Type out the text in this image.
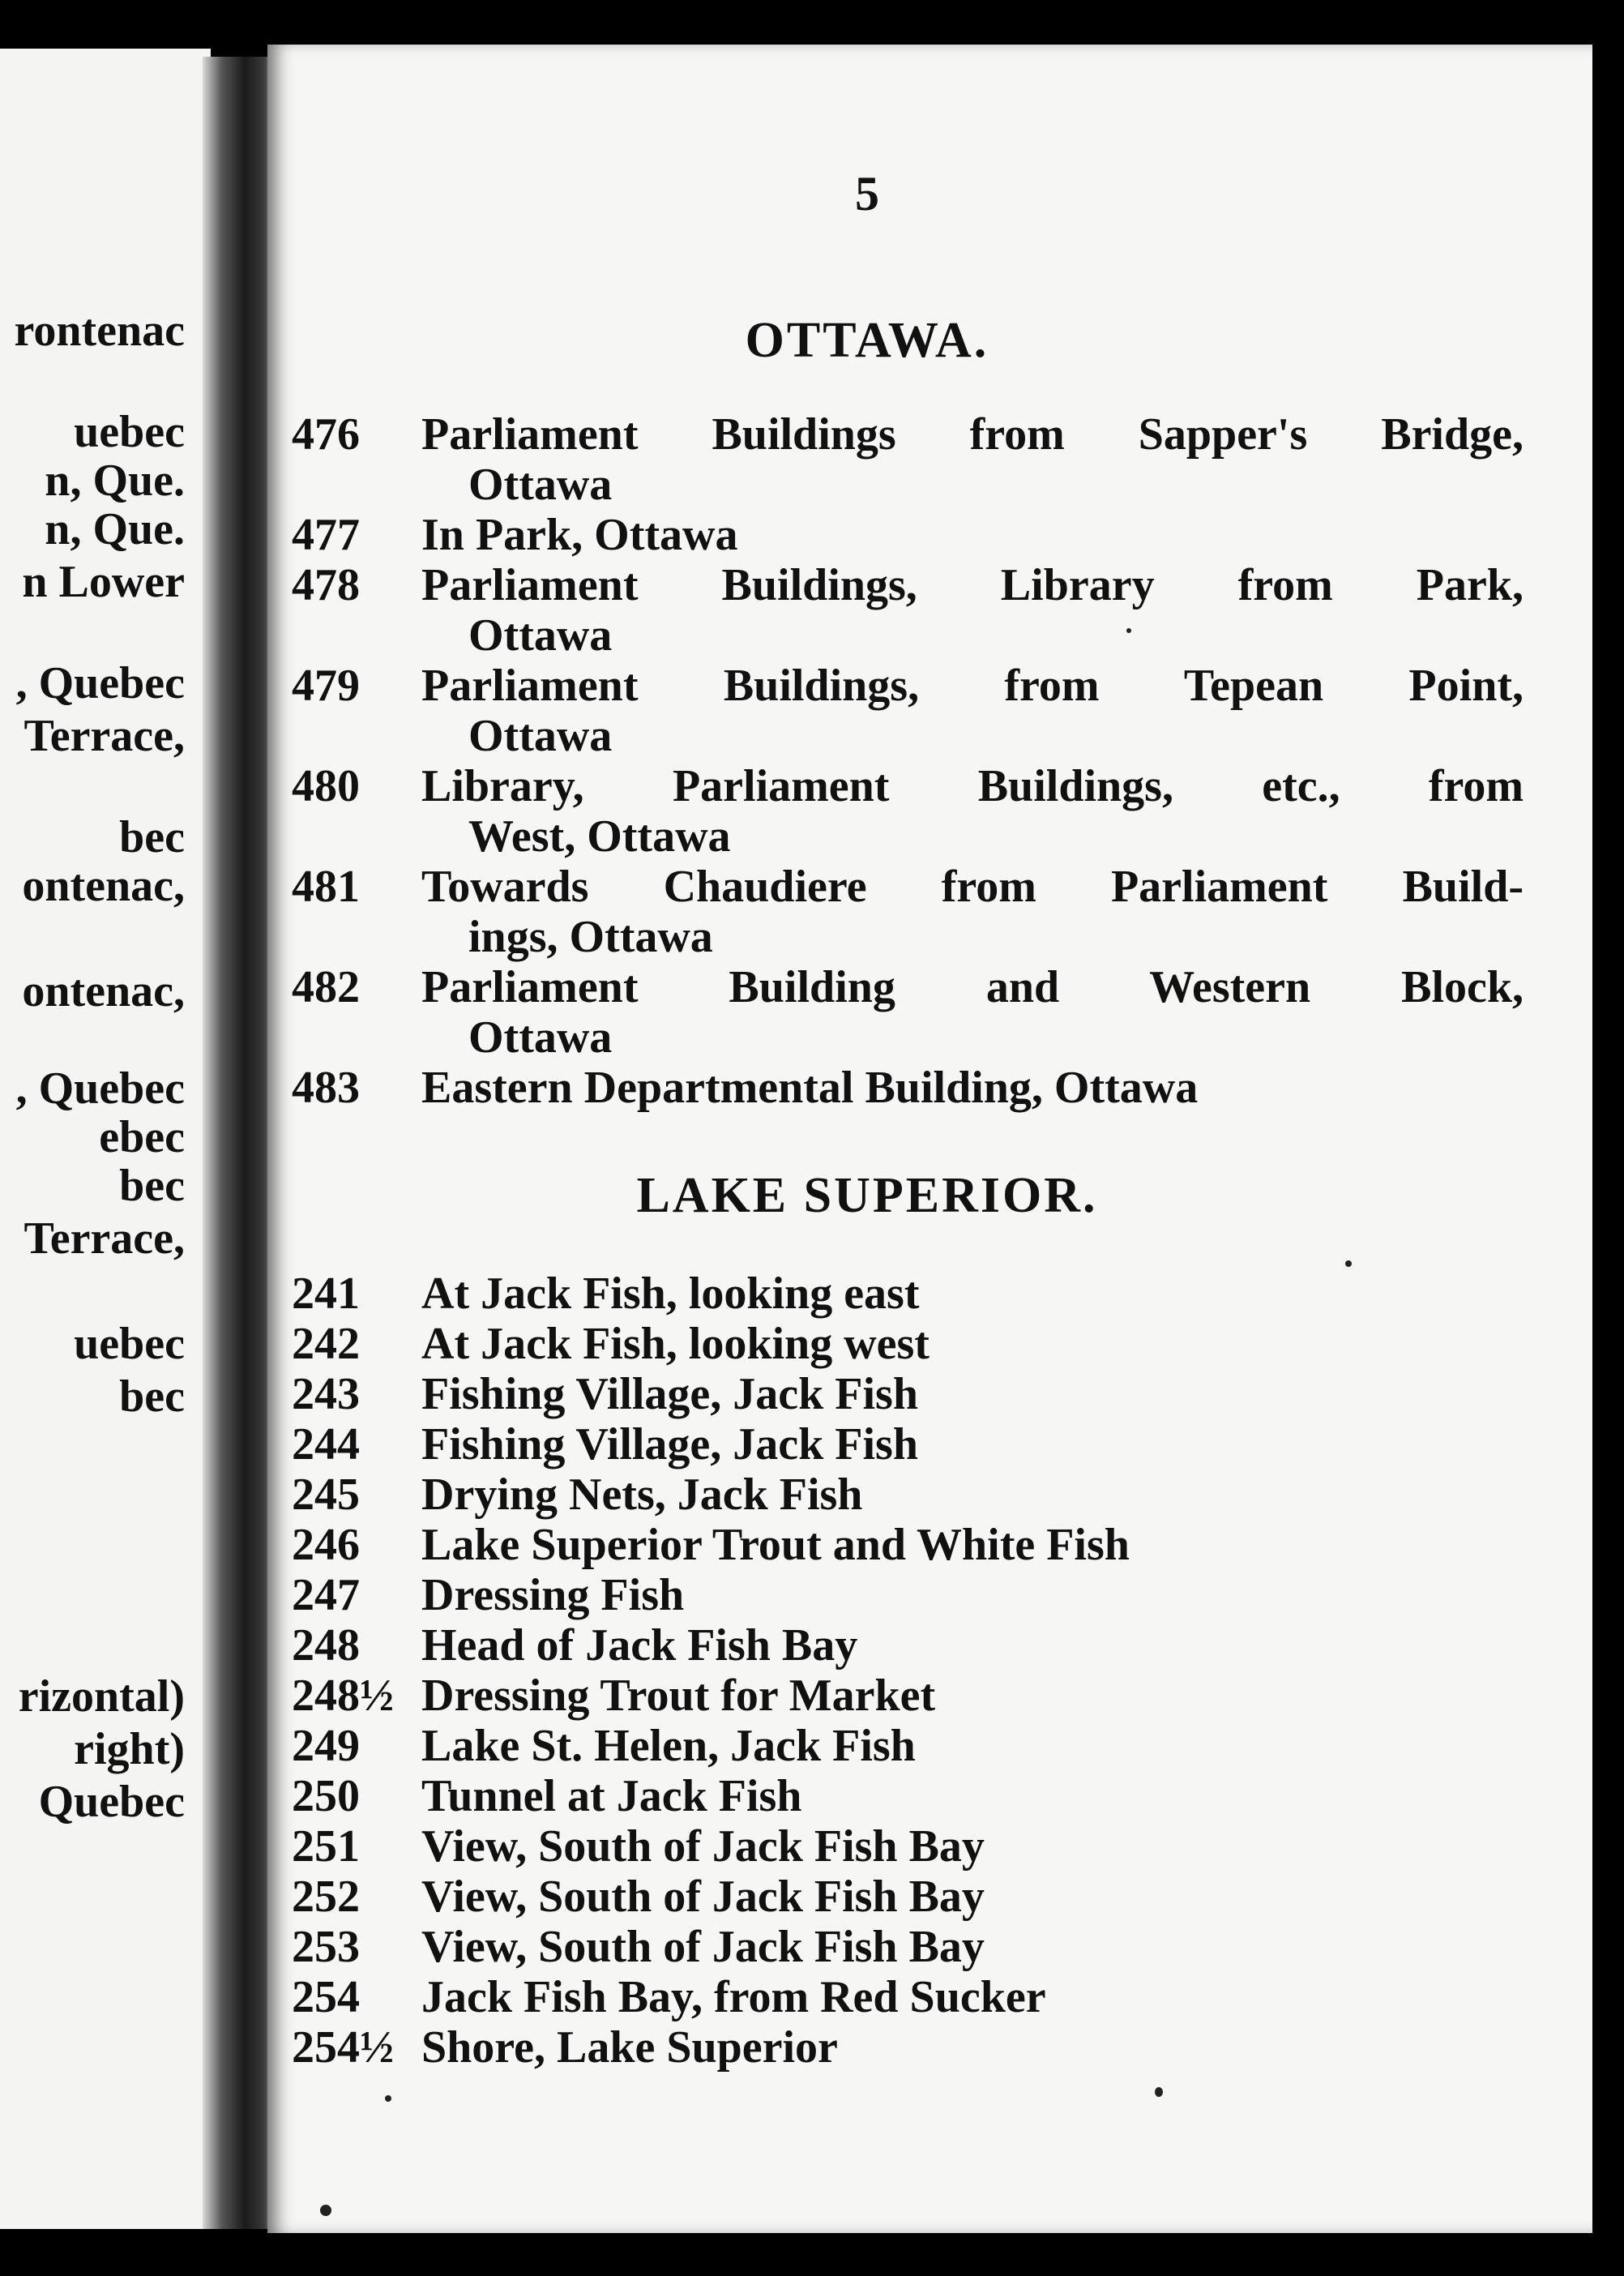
rontenac
uebec
n, Que.
n, Que.
n Lower
, Quebec
Terrace,
bec
ontenac,
ontenac,
, Quebec
ebec
bec
Terrace,
uebec
bec
rizontal)
right)
Quebec
5
OTTAWA.
476	Parliament Buildings from Sapper's Bridge,
Ottawa
477	In Park, Ottawa
478	Parliament Buildings, Library from Park,
Ottawa
479	Parliament Buildings, from Tepean Point,
Ottawa
480	Library, Parliament Buildings, etc., from
West, Ottawa
481	Towards Chaudiere from Parliament Build-
ings, Ottawa
482	Parliament Building and Western Block,
Ottawa
483	Eastern Departmental Building, Ottawa
LAKE SUPERIOR.
241	At Jack Fish, looking east
242	At Jack Fish, looking west
243	Fishing Village, Jack Fish
244	Fishing Village, Jack Fish
245	Drying Nets, Jack Fish
246	Lake Superior Trout and White Fish
247	Dressing Fish
248	Head of Jack Fish Bay
248½ Dressing Trout for Market
249	Lake St. Helen, Jack Fish
250	Tunnel at Jack Fish
251	View, South of Jack Fish Bay
252	View, South of Jack Fish Bay
253	View, South of Jack Fish Bay
254	Jack Fish Bay, from Red Sucker
254½ Shore, Lake Superior
